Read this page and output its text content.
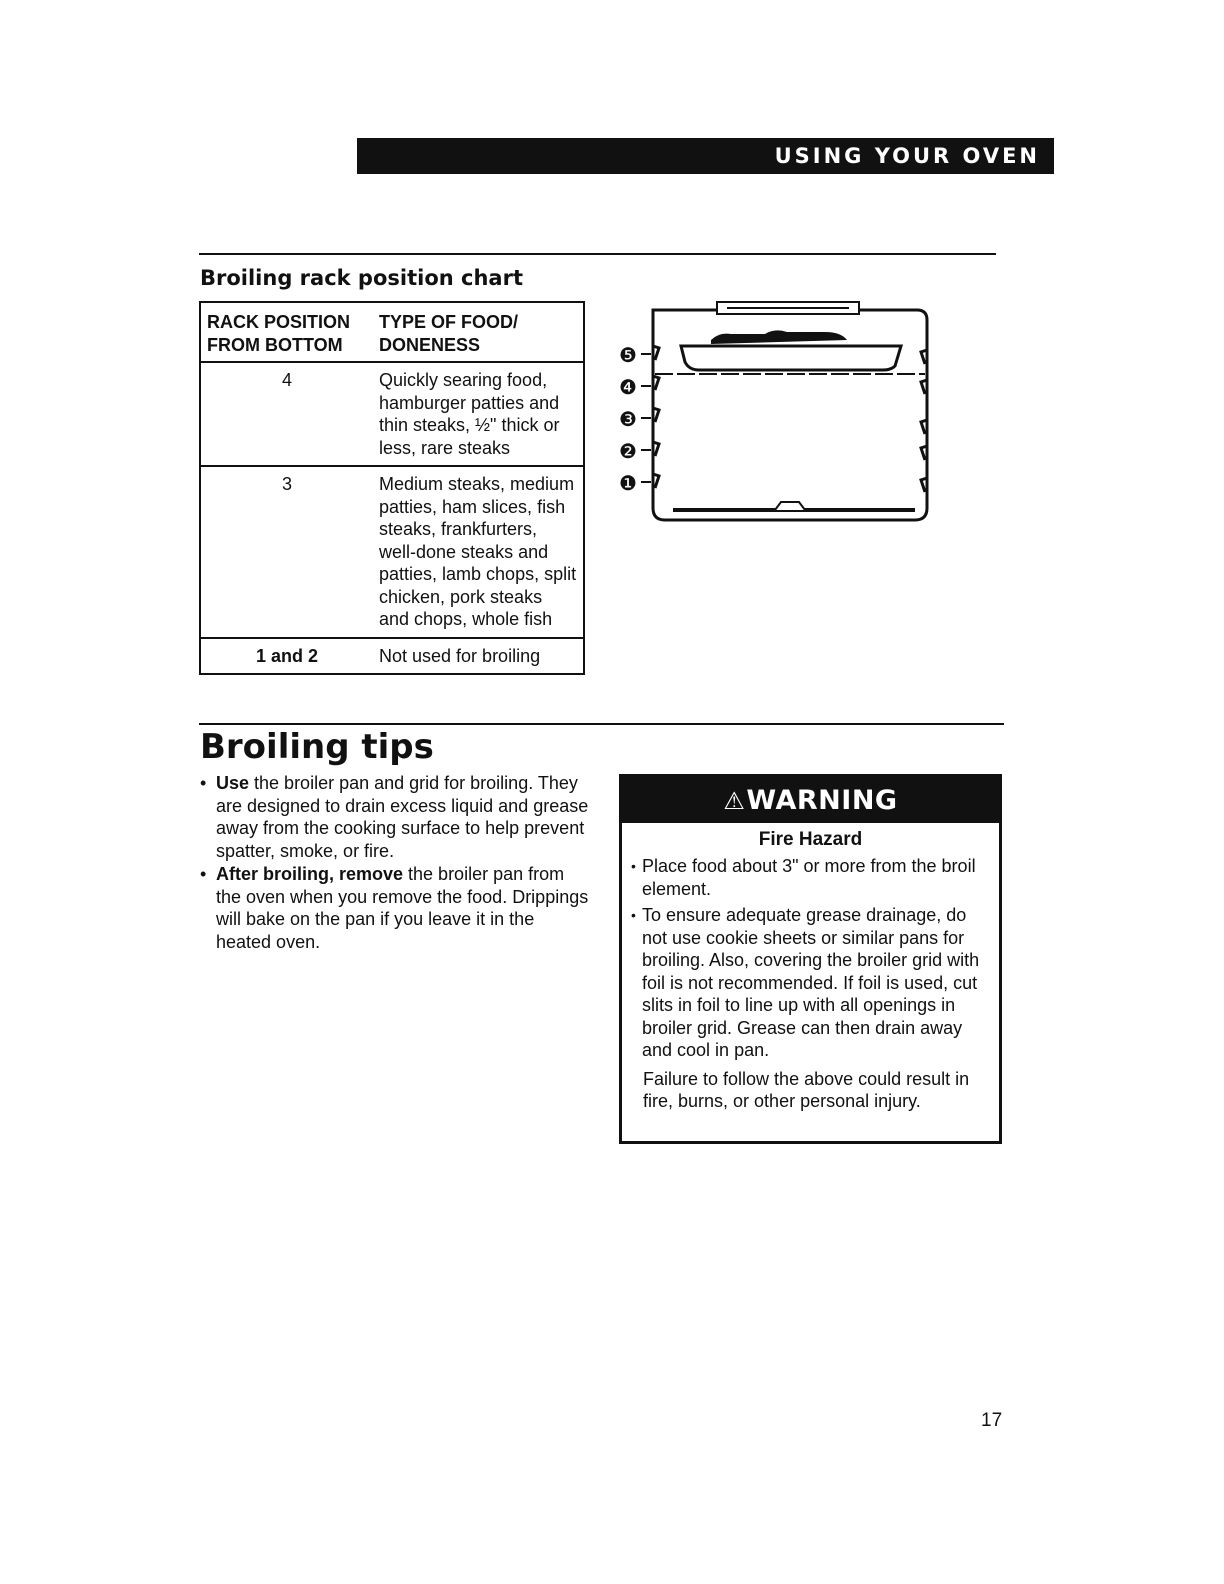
USING YOUR OVEN
Broiling rack position chart
RACK POSITION FROM BOTTOM	TYPE OF FOOD/ DONENESS
4	Quickly searing food, hamburger patties and thin steaks, ½" thick or less, rare steaks
3	Medium steaks, medium patties, ham slices, fish steaks, frankfurters, well-done steaks and patties, lamb chops, split chicken, pork steaks and chops, whole fish
1 and 2	Not used for broiling
❺
❹
❸
❷
❶
Broiling tips
• Use the broiler pan and grid for broiling. They are designed to drain excess liquid and grease away from the cooking surface to help prevent spatter, smoke, or fire.
• After broiling, remove the broiler pan from the oven when you remove the food. Drippings will bake on the pan if you leave it in the heated oven.
⚠WARNING
Fire Hazard
• Place food about 3" or more from the broil element.
• To ensure adequate grease drainage, do not use cookie sheets or similar pans for broiling. Also, covering the broiler grid with foil is not recommended. If foil is used, cut slits in foil to line up with all openings in broiler grid. Grease can then drain away and cool in pan.
Failure to follow the above could result in fire, burns, or other personal injury.
17
